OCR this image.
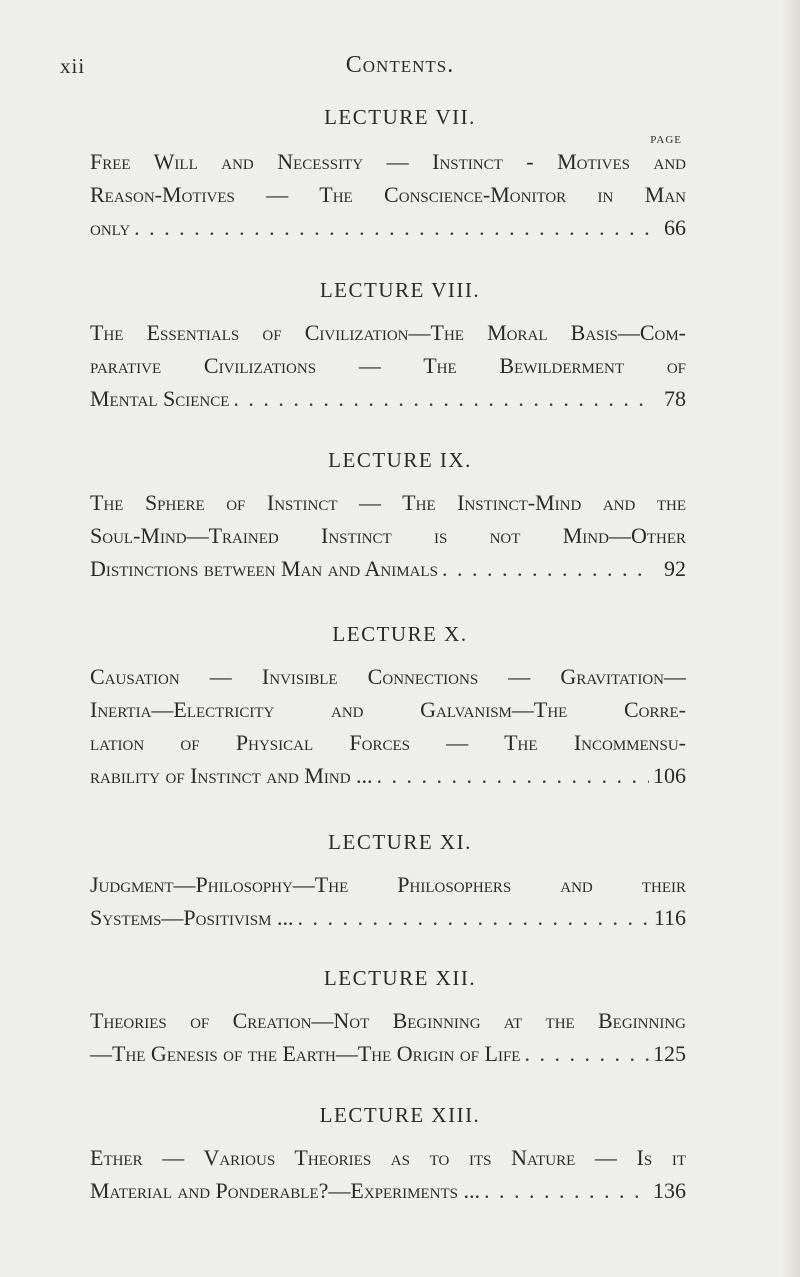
xii	Contents.
PAGE
LECTURE VII.
Free Will and Necessity — Instinct - Motives and
Reason-Motives — The Conscience-Monitor in Man
only . . .	66
LECTURE VIII.
The Essentials of Civilization—The Moral Basis—Com-
parative Civilizations — The Bewilderment of
Mental Science . . .	78
LECTURE IX.
The Sphere of Instinct — The Instinct-Mind and the
Soul-Mind—Trained Instinct is not Mind—Other
Distinctions between Man and Animals . . .	92
LECTURE X.
Causation — Invisible Connections — Gravitation—
Inertia—Electricity and Galvanism—The Corre-
lation of Physical Forces — The Incommensu-
rability of Instinct and Mind ... . . .	106
LECTURE XI.
Judgment—Philosophy—The Philosophers and their
Systems—Positivism ... . . .	116
LECTURE XII.
Theories of Creation—Not Beginning at the Beginning
—The Genesis of the Earth—The Origin of Life . . .	125
LECTURE XIII.
Ether — Various Theories as to its Nature — Is it
Material and Ponderable?—Experiments ... . . .	136
